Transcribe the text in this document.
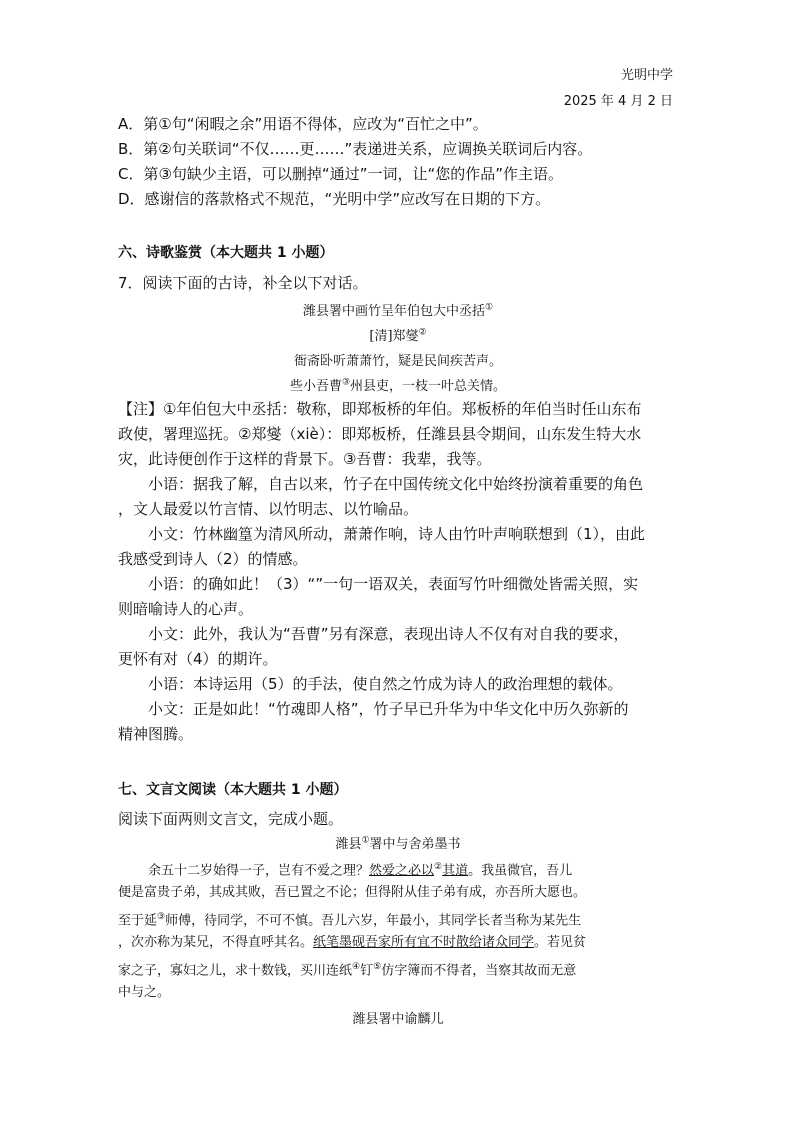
光明中学
2025 年 4 月 2 日
A．第①句“闲暇之余”用语不得体，应改为“百忙之中”。
B．第②句关联词“不仅……更……”表递进关系，应调换关联词后内容。
C．第③句缺少主语，可以删掉“通过”一词，让“您的作品”作主语。
D．感谢信的落款格式不规范，“光明中学”应改写在日期的下方。
六、诗歌鉴赏（本大题共 1 小题）
7．阅读下面的古诗，补全以下对话。
潍县署中画竹呈年伯包大中丞括①
[清]郑燮②
衙斋卧听萧萧竹，疑是民间疾苦声。
些小吾曹③州县吏，一枝一叶总关情。
【注】①年伯包大中丞括：敬称，即郑板桥的年伯。郑板桥的年伯当时任山东布
政使，署理巡抚。②郑燮（xiè）：即郑板桥，任潍县县令期间，山东发生特大水
灾，此诗便创作于这样的背景下。③吾曹：我辈，我等。
小语：据我了解，自古以来，竹子在中国传统文化中始终扮演着重要的角色
，文人最爱以竹言情、以竹明志、以竹喻品。
小文：竹林幽篁为清风所动，萧萧作响，诗人由竹叶声响联想到（1），由此
我感受到诗人（2）的情感。
小语：的确如此！（3）“”一句一语双关，表面写竹叶细微处皆需关照，实
则暗喻诗人的心声。
小文：此外，我认为“吾曹”另有深意，表现出诗人不仅有对自我的要求，
更怀有对（4）的期许。
小语：本诗运用（5）的手法，使自然之竹成为诗人的政治理想的载体。
小文：正是如此！“竹魂即人格”，竹子早已升华为中华文化中历久弥新的
精神图腾。
七、文言文阅读（本大题共 1 小题）
阅读下面两则文言文，完成小题。
潍县①署中与舍弟墨书
余五十二岁始得一子，岂有不爱之理？然爱之必以②其道。我虽微官，吾儿
便是富贵子弟，其成其败，吾已置之不论；但得附从佳子弟有成，亦吾所大愿也。
至于延③师傅，待同学，不可不慎。吾儿六岁，年最小，其同学长者当称为某先生
，次亦称为某兄，不得直呼其名。纸笔墨砚吾家所有宜不时散给诸众同学。若见贫
家之子，寡妇之儿，求十数钱，买川连纸④钉⑤仿字簿而不得者，当察其故而无意
中与之。
潍县署中谕麟儿
